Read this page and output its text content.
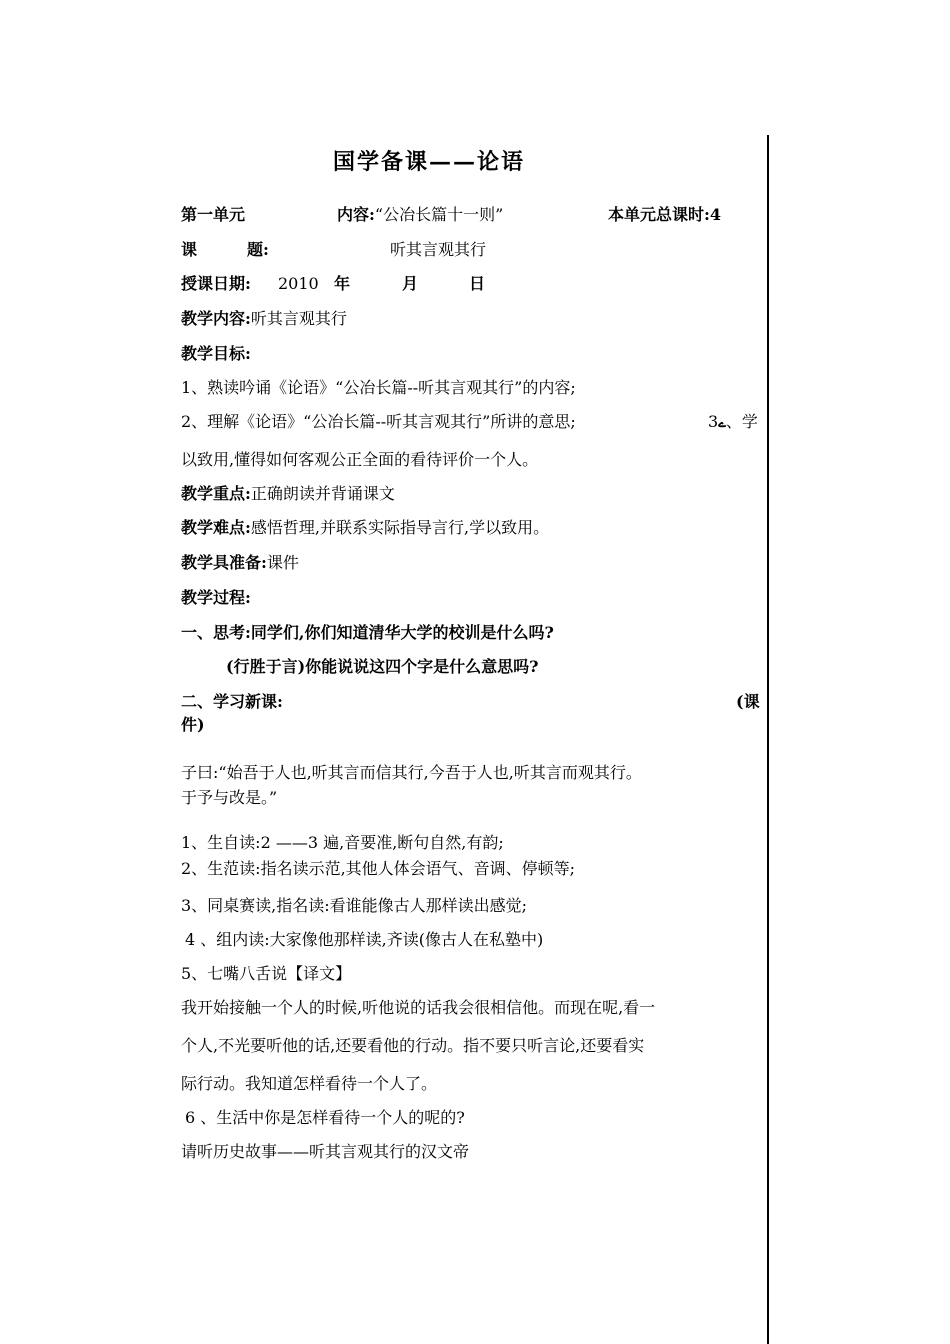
国学备课——论语
第一单元	内容:“公冶长篇十一则”	本单元总课时:4
课	题:	听其言观其行
授课日期: 2010 年	月	日
教学内容:听其言观其行
教学目标:
1、熟读吟诵《论语》“公冶长篇--听其言观其行”的内容;
2、理解《论语》“公冶长篇--听其言观其行”所讲的意思;	3ے、学
以致用,懂得如何客观公正全面的看待评价一个人。
教学重点:正确朗读并背诵课文
教学难点:感悟哲理,并联系实际指导言行,学以致用。
教学具准备:课件
教学过程:
一、思考:同学们,你们知道清华大学的校训是什么吗?
(行胜于言)你能说说这四个字是什么意思吗?
二、学习新课:	(课
件)
子曰:“始吾于人也,听其言而信其行,今吾于人也,听其言而观其行。
于予与改是。”
1、生自读:2 ——3 遍,音要准,断句自然,有韵;
2、生范读:指名读示范,其他人体会语气、音调、停顿等;
3、同桌赛读,指名读:看谁能像古人那样读出感觉;
4 、组内读:大家像他那样读,齐读(像古人在私塾中)
5、七嘴八舌说【译文】
我开始接触一个人的时候,听他说的话我会很相信他。而现在呢,看一
个人,不光要听他的话,还要看他的行动。指不要只听言论,还要看实
际行动。我知道怎样看待一个人了。
6 、生活中你是怎样看待一个人的呢的?
请听历史故事——听其言观其行的汉文帝
